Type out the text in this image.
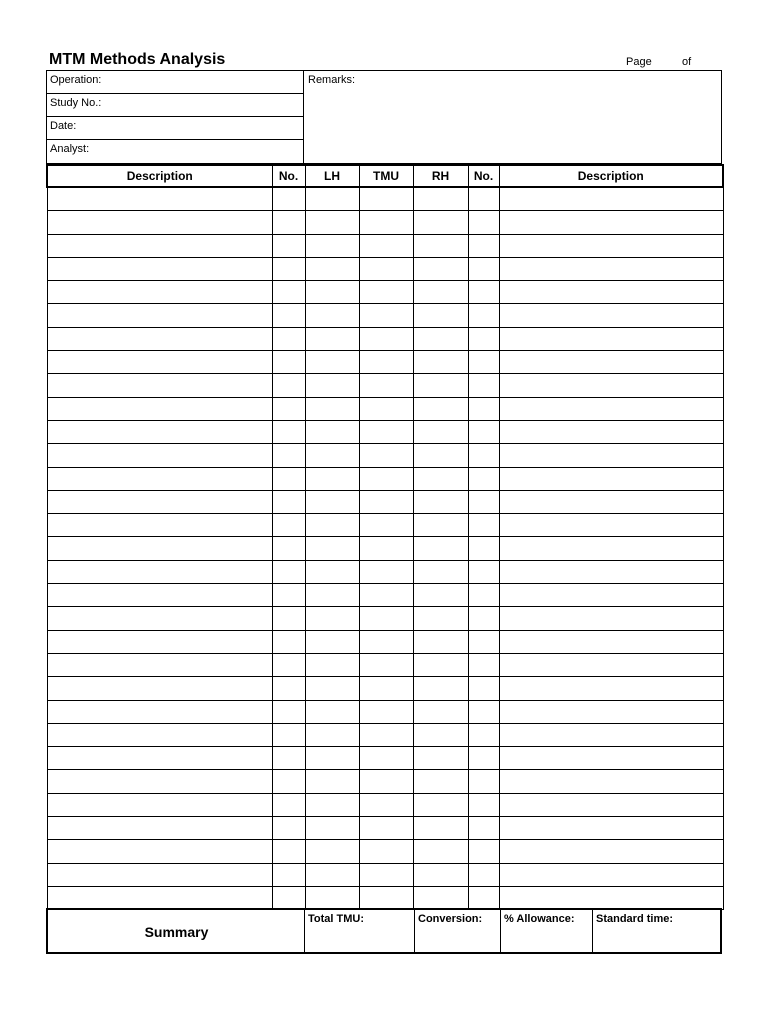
MTM Methods Analysis	Page	of
Operation:
Study No.:
Date:
Analyst:
Remarks:
Description	No.	LH	TMU	RH	No.	Description

Summary
Total TMU:	Conversion:	% Allowance:	Standard time:
